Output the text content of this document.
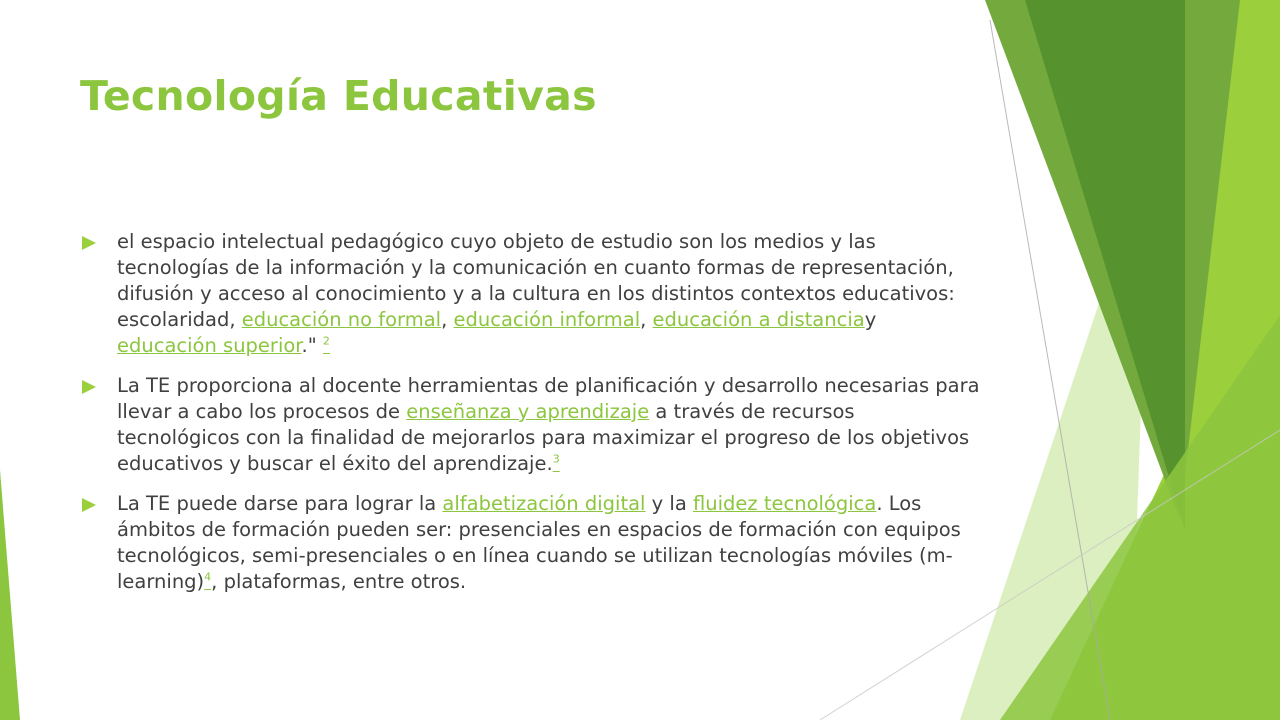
Tecnología Educativas
el espacio intelectual pedagógico cuyo objeto de estudio son los medios y las tecnologías de la información y la comunicación en cuanto formas de representación, difusión y acceso al conocimiento y a la cultura en los distintos contextos educativos: escolaridad, educación no formal, educación informal, educación a distanciay educación superior." $^2$
La TE proporciona al docente herramientas de planificación y desarrollo necesarias para llevar a cabo los procesos de enseñanza y aprendizaje a través de recursos tecnológicos con la finalidad de mejorarlos para maximizar el progreso de los objetivos educativos y buscar el éxito del aprendizaje.$^3$
La TE puede darse para lograr la alfabetización digital y la fluidez tecnológica. Los ámbitos de formación pueden ser: presenciales en espacios de formación con equipos tecnológicos, semi-presenciales o en línea cuando se utilizan tecnologías móviles (m-learning)$^4$, plataformas, entre otros.
